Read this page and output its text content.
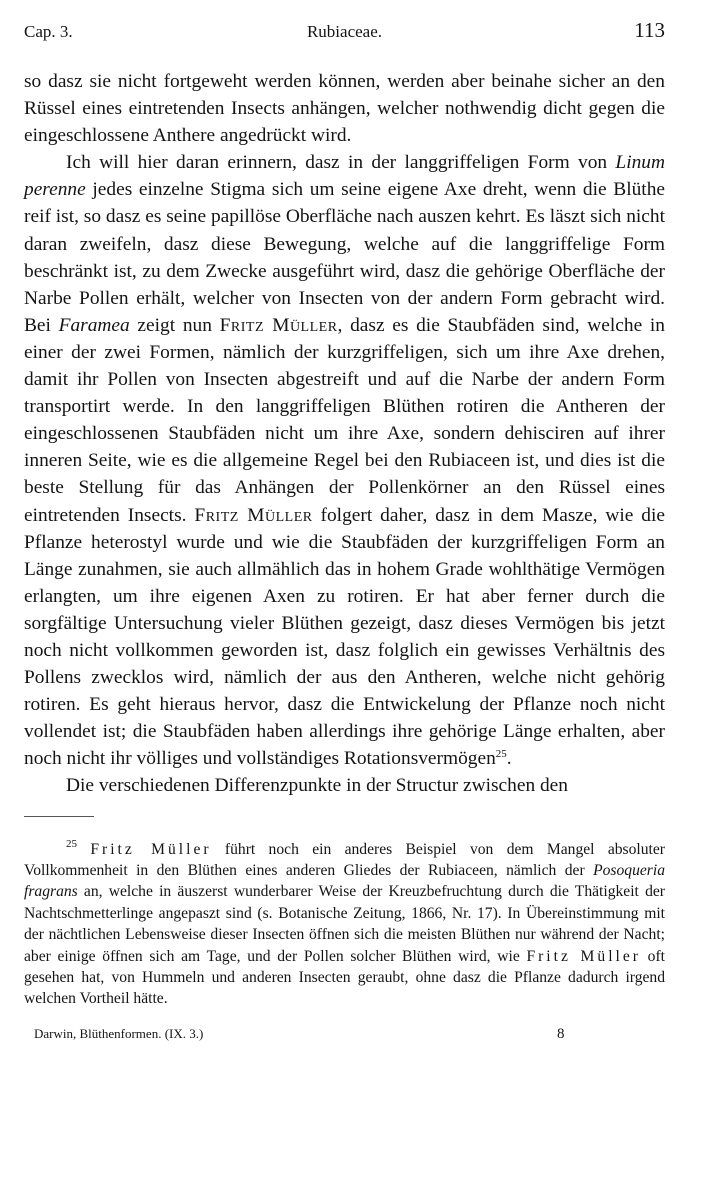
Cap. 3.	Rubiaceae.	113

so dasz sie nicht fortgeweht werden können, werden aber beinahe sicher an den Rüssel eines eintretenden Insects anhängen, welcher nothwendig dicht gegen die eingeschlossene Anthere angedrückt wird.

Ich will hier daran erinnern, dasz in der langgriffeligen Form von Linum perenne jedes einzelne Stigma sich um seine eigene Axe dreht, wenn die Blüthe reif ist, so dasz es seine papillöse Oberfläche nach auszen kehrt. Es läszt sich nicht daran zweifeln, dasz diese Bewegung, welche auf die langgriffelige Form beschränkt ist, zu dem Zwecke ausgeführt wird, dasz die gehörige Oberfläche der Narbe Pollen erhält, welcher von Insecten von der andern Form gebracht wird. Bei Faramea zeigt nun Fritz Müller, dasz es die Staubfäden sind, welche in einer der zwei Formen, nämlich der kurzgriffeligen, sich um ihre Axe drehen, damit ihr Pollen von Insecten abgestreift und auf die Narbe der andern Form transportirt werde. In den langgriffeligen Blüthen rotiren die Antheren der eingeschlossenen Staubfäden nicht um ihre Axe, sondern dehisciren auf ihrer inneren Seite, wie es die allgemeine Regel bei den Rubiaceen ist, und dies ist die beste Stellung für das Anhängen der Pollenkörner an den Rüssel eines eintretenden Insects. Fritz Müller folgert daher, dasz in dem Masze, wie die Pflanze heterostyl wurde und wie die Staubfäden der kurzgriffeligen Form an Länge zunahmen, sie auch allmählich das in hohem Grade wohlthätige Vermögen erlangten, um ihre eigenen Axen zu rotiren. Er hat aber ferner durch die sorgfältige Untersuchung vieler Blüthen gezeigt, dasz dieses Vermögen bis jetzt noch nicht vollkommen geworden ist, dasz folglich ein gewisses Verhältnis des Pollens zwecklos wird, nämlich der aus den Antheren, welche nicht gehörig rotiren. Es geht hieraus hervor, dasz die Entwickelung der Pflanze noch nicht vollendet ist; die Staubfäden haben allerdings ihre gehörige Länge erhalten, aber noch nicht ihr völliges und vollständiges Rotationsvermögen$^{25}$.

Die verschiedenen Differenzpunkte in der Structur zwischen den

$^{25}$ Fritz Müller führt noch ein anderes Beispiel von dem Mangel absoluter Vollkommenheit in den Blüthen eines anderen Gliedes der Rubiaceen, nämlich der Posoqueria fragrans an, welche in äuszerst wunderbarer Weise der Kreuzbefruchtung durch die Thätigkeit der Nachtschmetterlinge angepaszt sind (s. Botanische Zeitung, 1866, Nr. 17). In Übereinstimmung mit der nächtlichen Lebensweise dieser Insecten öffnen sich die meisten Blüthen nur während der Nacht; aber einige öffnen sich am Tage, und der Pollen solcher Blüthen wird, wie Fritz Müller oft gesehen hat, von Hummeln und anderen Insecten geraubt, ohne dasz die Pflanze dadurch irgend welchen Vortheil hätte.

Darwin, Blüthenformen. (IX. 3.)	8
